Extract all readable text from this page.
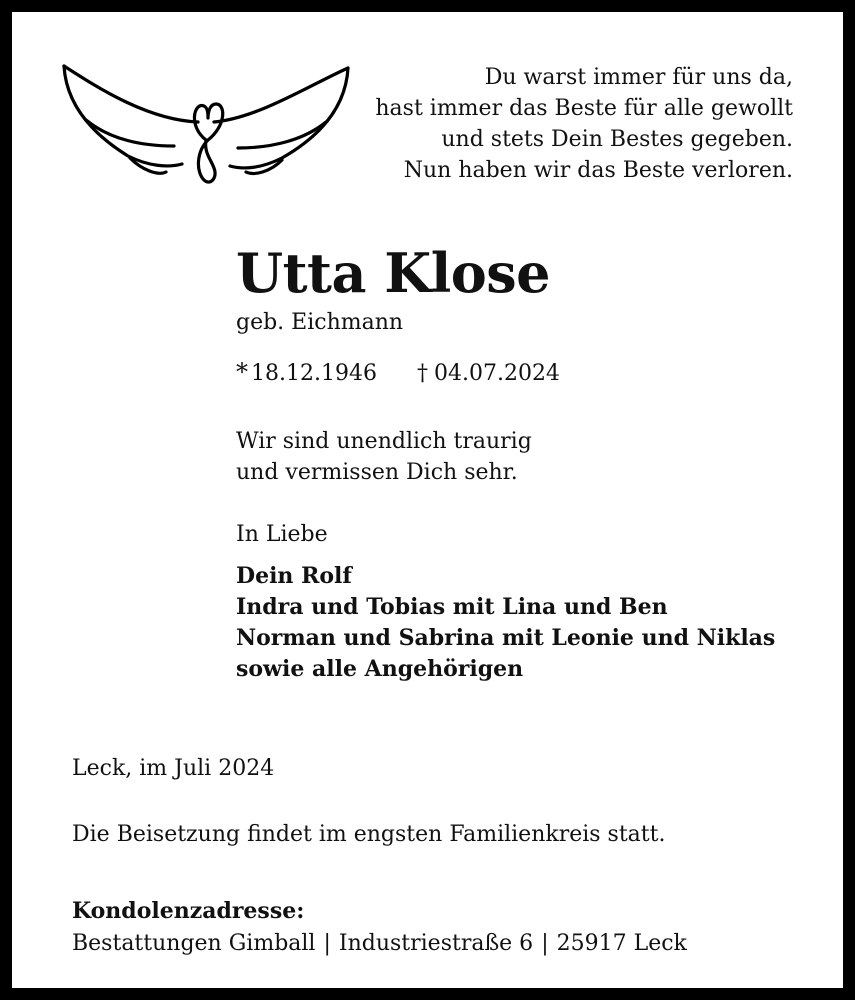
Du warst immer für uns da,
hast immer das Beste für alle gewollt
und stets Dein Bestes gegeben.
Nun haben wir das Beste verloren.
Utta Klose
geb. Eichmann
* 18.12.1946 † 04.07.2024
Wir sind unendlich traurig
und vermissen Dich sehr.
In Liebe
Dein Rolf
Indra und Tobias mit Lina und Ben
Norman und Sabrina mit Leonie und Niklas
sowie alle Angehörigen
Leck, im Juli 2024
Die Beisetzung findet im engsten Familienkreis statt.
Kondolenzadresse:
Bestattungen Gimball | Industriestraße 6 | 25917 Leck
